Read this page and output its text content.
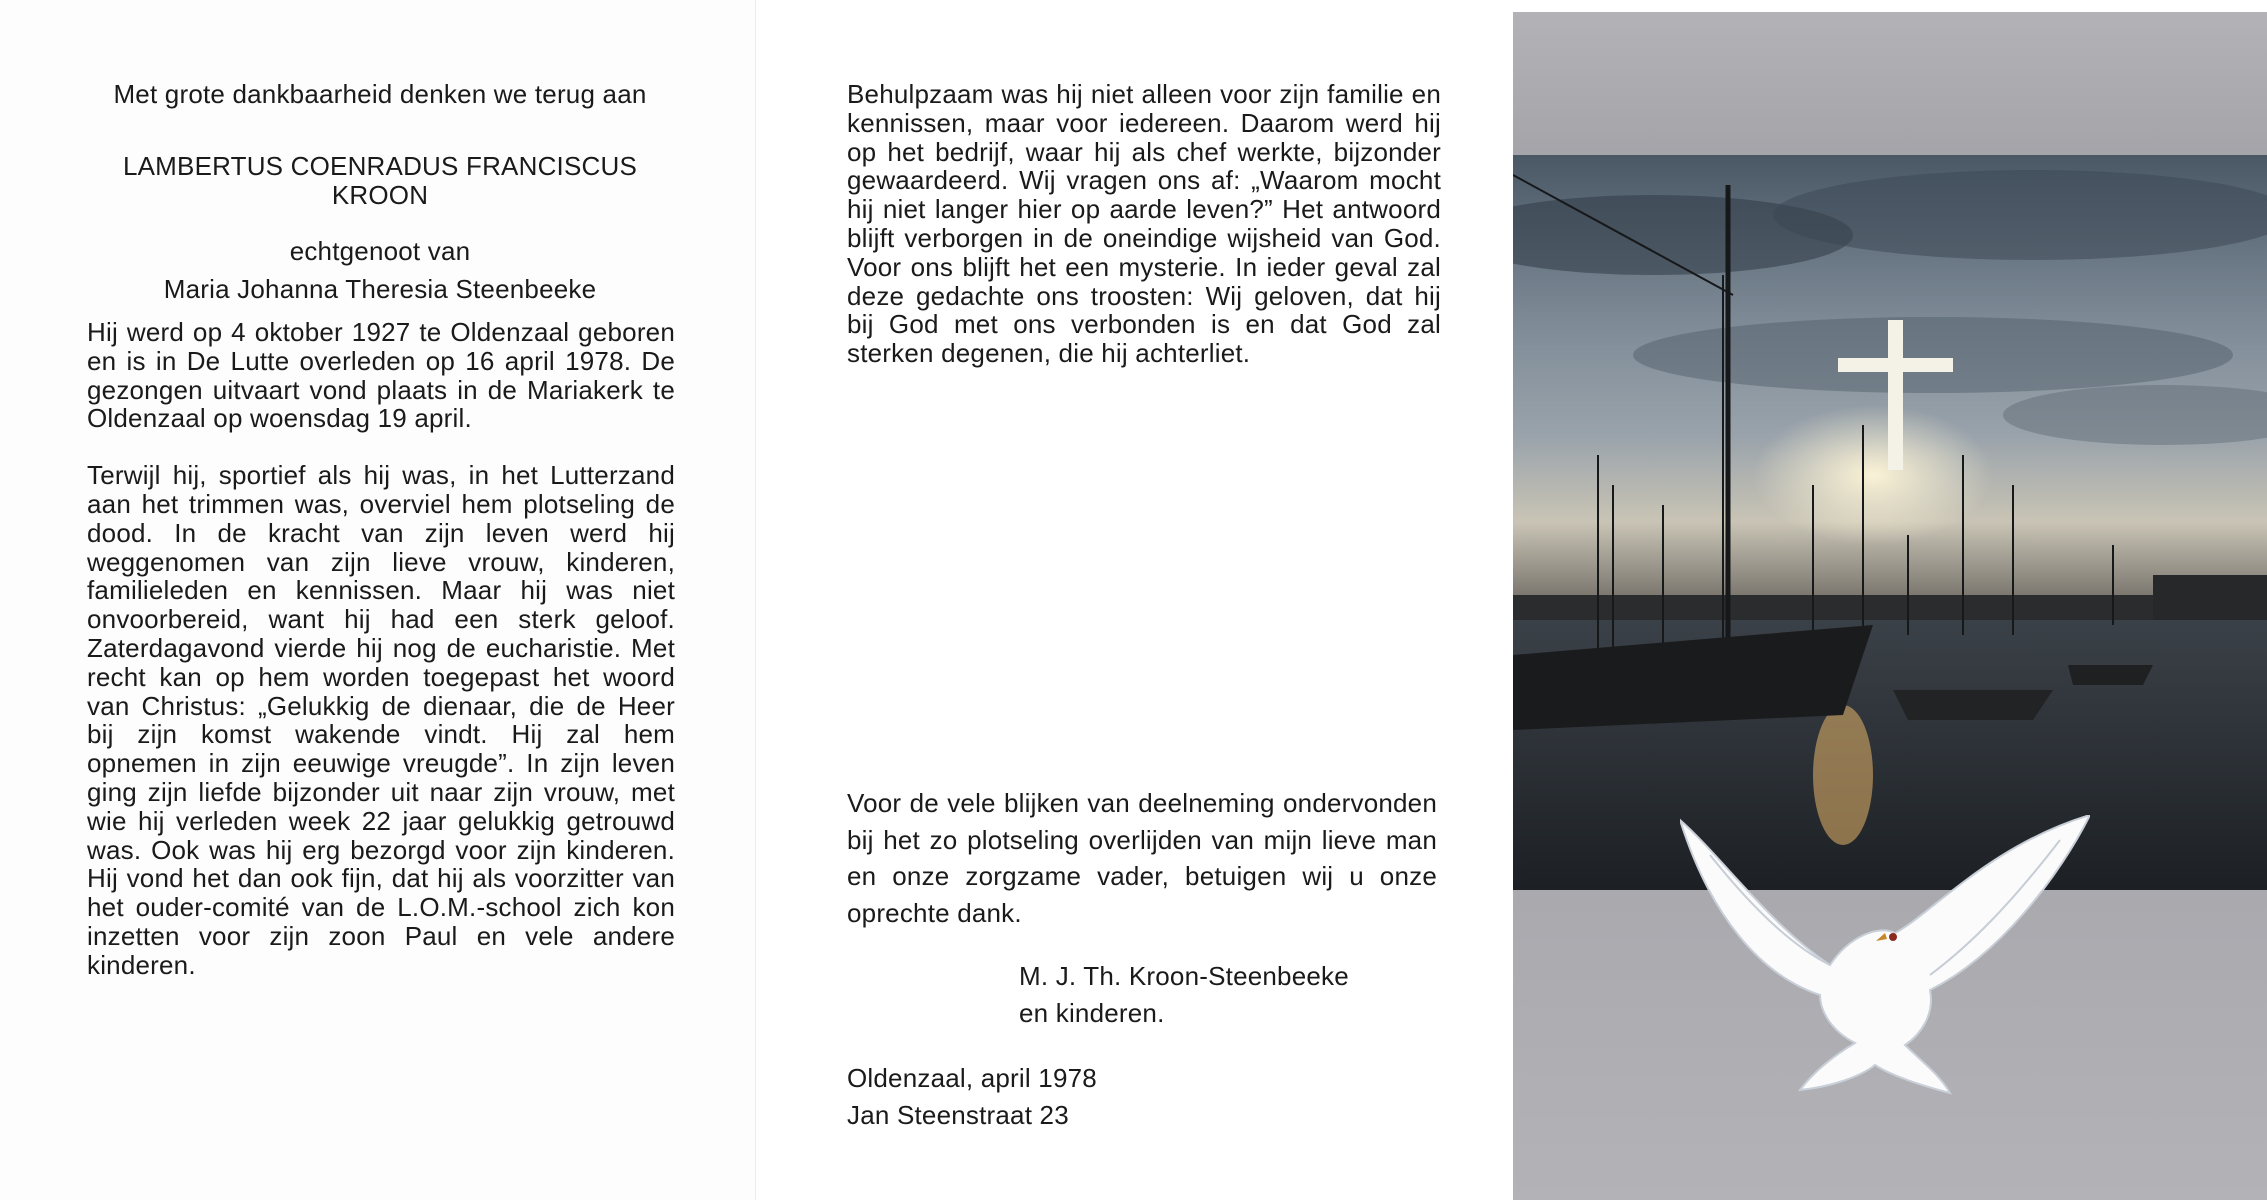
Met grote dankbaarheid denken we terug aan
LAMBERTUS COENRADUS FRANCISCUS KROON
echtgenoot van
Maria Johanna Theresia Steenbeeke

Hij werd op 4 oktober 1927 te Oldenzaal geboren en is in De Lutte overleden op 16 april 1978. De gezongen uitvaart vond plaats in de Mariakerk te Oldenzaal op woensdag 19 april.

Terwijl hij, sportief als hij was, in het Lutterzand aan het trimmen was, overviel hem plotseling de dood. In de kracht van zijn leven werd hij weggenomen van zijn lieve vrouw, kinderen, familieleden en kennissen. Maar hij was niet onvoorbereid, want hij had een sterk geloof. Zaterdagavond vierde hij nog de eucharistie. Met recht kan op hem worden toegepast het woord van Christus: „Gelukkig de dienaar, die de Heer bij zijn komst wakende vindt. Hij zal hem opnemen in zijn eeuwige vreugde”. In zijn leven ging zijn liefde bijzonder uit naar zijn vrouw, met wie hij verleden week 22 jaar gelukkig getrouwd was. Ook was hij erg bezorgd voor zijn kinderen. Hij vond het dan ook fijn, dat hij als voorzitter van het ouder-comité van de L.O.M.-school zich kon inzetten voor zijn zoon Paul en vele andere kinderen.

Behulpzaam was hij niet alleen voor zijn familie en kennissen, maar voor iedereen. Daarom werd hij op het bedrijf, waar hij als chef werkte, bijzonder gewaardeerd. Wij vragen ons af: „Waarom mocht hij niet langer hier op aarde leven?” Het antwoord blijft verborgen in de oneindige wijsheid van God. Voor ons blijft het een mysterie. In ieder geval zal deze gedachte ons troosten: Wij geloven, dat hij bij God met ons verbonden is en dat God zal sterken degenen, die hij achterliet.
Voor de vele blijken van deelneming ondervonden bij het zo plotseling overlijden van mijn lieve man en onze zorgzame vader, betuigen wij u onze oprechte dank.
M. J. Th. Kroon-Steenbeeke
en kinderen.
Oldenzaal, april 1978
Jan Steenstraat 23
